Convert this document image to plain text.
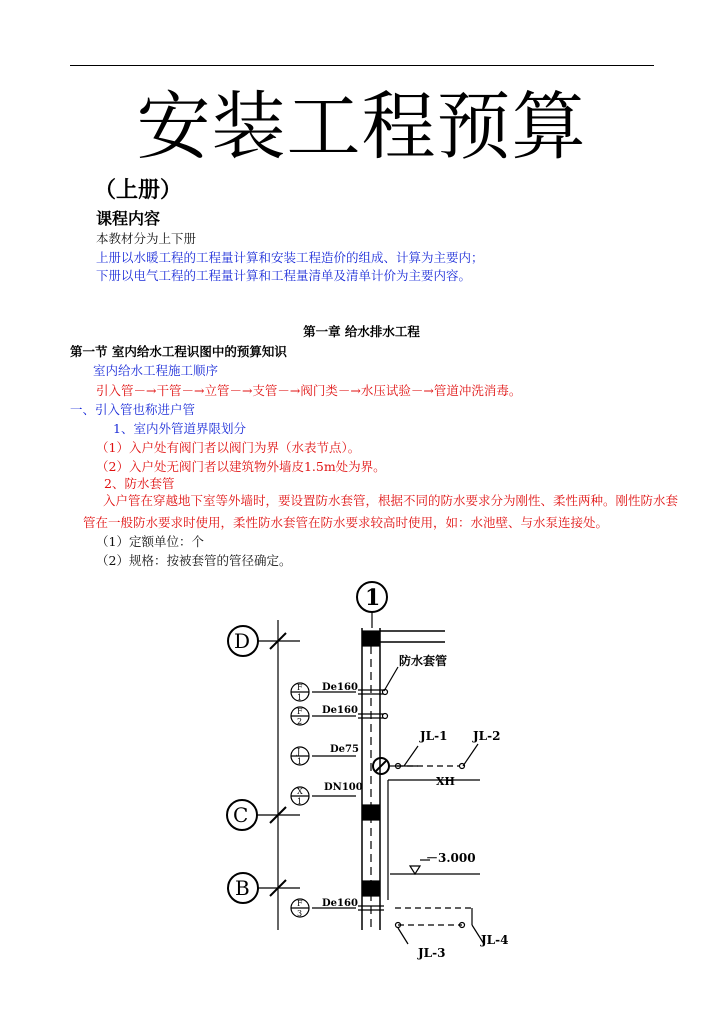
安装工程预算
（上册）
课程内容
本教材分为上下册
上册以水暖工程的工程量计算和安装工程造价的组成、计算为主要内；
下册以电气工程的工程量计算和工程量清单及清单计价为主要内容。
第一章 给水排水工程
第一节 室内给水工程识图中的预算知识
室内给水工程施工顺序
引入管－→干管－→立管－→支管－→阀门类－→水压试验－→管道冲洗消毒。
一、引入管也称进户管
1、室内外管道界限划分
（1）入户处有阀门者以阀门为界（水表节点）。
（2）入户处无阀门者以建筑物外墙皮1.5m处为界。
2、防水套管
入户管在穿越地下室等外墙时，要设置防水套管，根据不同的防水要求分为刚性、柔性两种。刚性防水套管在一般防水要求时使用，柔性防水套管在防水要求较高时使用，如：水池壁、与水泵连接处。
（1）定额单位：个
（2）规格：按被套管的管径确定。
1
D
C
B
防水套管
De160
De160
De75
DN100
De160
JL-1 JL-2
JL-3
JL-4
XH
－3.000
F
1
F
2
J
1
X
1
F
3
